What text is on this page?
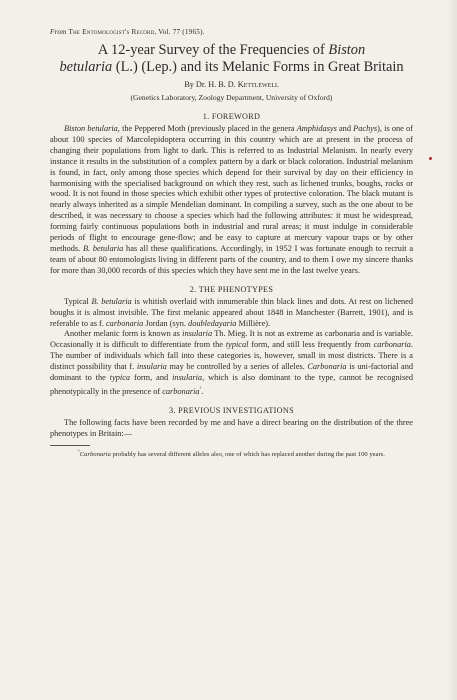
From The Entomologist's Record, Vol. 77 (1965).
A 12-year Survey of the Frequencies of Biston
betularia (L.) (Lep.) and its Melanic Forms in Great Britain
By Dr. H. B. D. Kettlewell
(Genetics Laboratory, Zoology Department, University of Oxford)
1. FOREWORD

Biston betularia, the Peppered Moth (previously placed in the genera Amphidasys and Pachys), is one of about 100 species of Marcolepidoptera occurring in this country which are at present in the process of changing their populations from light to dark. This is referred to as Industrial Melanism. In nearly every instance it results in the substitution of a complex pattern by a dark or black coloration. Industrial melanism is found, in fact, only among those species which depend for their survival by day on their efficiency in harmonising with the specialised background on which they rest, such as lichened trunks, boughs, rocks or wood. It is not found in those species which exhibit other types of protective coloration. The black mutant is nearly always inherited as a simple Mendelian dominant. In compiling a survey, such as the one about to be described, it was necessary to choose a species which had the following attributes: it must be widespread, forming fairly continuous populations both in industrial and rural areas; it must indulge in considerable periods of flight to encourage gene-flow; and be easy to capture at mercury vapour traps or by other methods. B. betularia has all these qualifications. Accordingly, in 1952 I was fortunate enough to recruit a team of about 80 entomologists living in different parts of the country, and to them I owe my sincere thanks for more than 30,000 records of this species which they have sent me in the last twelve years.

2. THE PHENOTYPES

Typical B. betularia is whitish overlaid with innumerable thin black lines and dots. At rest on lichened boughs it is almost invisible. The first melanic appeared about 1848 in Manchester (Barrett, 1901), and is referable to as f. carbonaria Jordan (syn. doubledayaria Millière).

Another melanic form is known as insularia Th. Mieg. It is not as extreme as carbonaria and is variable. Occasionally it is difficult to differentiate from the typical form, and still less frequently from carbonaria. The number of individuals which fall into these categories is, however, small in most districts. There is a distinct possibility that f. insularia may be controlled by a series of alleles. Carbonaria is uni-factorial and dominant to the typica form, and insularia, which is also dominant to the type, cannot be recognised phenotypically in the presence of carbonaria$^{^1}$.

3. PREVIOUS INVESTIGATIONS

The following facts have been recorded by me and have a direct bearing on the distribution of the three phenotypes in Britain:—

$^{^1}$Carbonaria probably has several different alleles also, one of which has replaced another during the past 100 years.
